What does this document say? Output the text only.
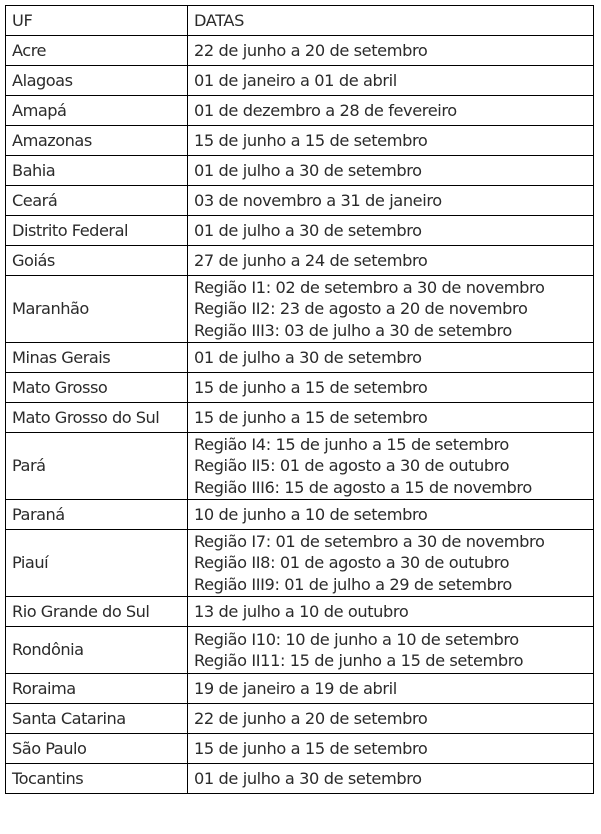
UF	DATAS
Acre	22 de junho a 20 de setembro

Alagoas	01 de janeiro a 01 de abril

Amapá	01 de dezembro a 28 de fevereiro

Amazonas	15 de junho a 15 de setembro

Bahia	01 de julho a 30 de setembro

Ceará	03 de novembro a 31 de janeiro

Distrito Federal	01 de julho a 30 de setembro

Goiás	27 de junho a 24 de setembro

Maranhão	Região I1: 02 de setembro a 30 de novembro
Região II2: 23 de agosto a 20 de novembro
Região III3: 03 de julho a 30 de setembro

Minas Gerais	01 de julho a 30 de setembro

Mato Grosso	15 de junho a 15 de setembro

Mato Grosso do Sul	15 de junho a 15 de setembro

Pará	Região I4: 15 de junho a 15 de setembro
Região II5: 01 de agosto a 30 de outubro
Região III6: 15 de agosto a 15 de novembro

Paraná	10 de junho a 10 de setembro

Piauí	Região I7: 01 de setembro a 30 de novembro
Região II8: 01 de agosto a 30 de outubro
Região III9: 01 de julho a 29 de setembro

Rio Grande do Sul	13 de julho a 10 de outubro

Rondônia	Região I10: 10 de junho a 10 de setembro
Região II11: 15 de junho a 15 de setembro

Roraima	19 de janeiro a 19 de abril

Santa Catarina	22 de junho a 20 de setembro

São Paulo	15 de junho a 15 de setembro

Tocantins	01 de julho a 30 de setembro
